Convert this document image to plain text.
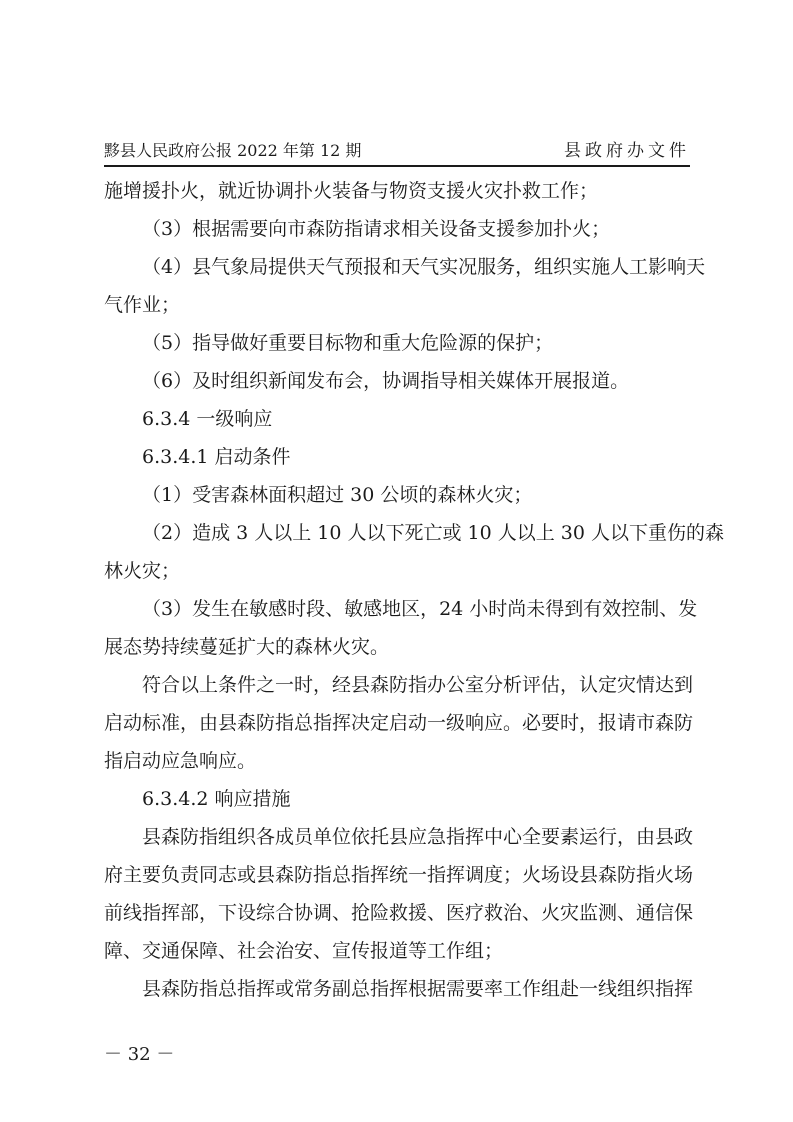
黟县人民政府公报 2022 年第 12 期	县政府办文件

施增援扑火，就近协调扑火装备与物资支援火灾扑救工作；

（3）根据需要向市森防指请求相关设备支援参加扑火；

（4）县气象局提供天气预报和天气实况服务，组织实施人工影响天

气作业；

（5）指导做好重要目标物和重大危险源的保护；

（6）及时组织新闻发布会，协调指导相关媒体开展报道。

6.3.4 一级响应

6.3.4.1 启动条件

（1）受害森林面积超过 30 公顷的森林火灾；

（2）造成 3 人以上 10 人以下死亡或 10 人以上 30 人以下重伤的森

林火灾；

（3）发生在敏感时段、敏感地区，24 小时尚未得到有效控制、发

展态势持续蔓延扩大的森林火灾。

符合以上条件之一时，经县森防指办公室分析评估，认定灾情达到

启动标准，由县森防指总指挥决定启动一级响应。必要时，报请市森防

指启动应急响应。

6.3.4.2 响应措施

县森防指组织各成员单位依托县应急指挥中心全要素运行，由县政

府主要负责同志或县森防指总指挥统一指挥调度；火场设县森防指火场

前线指挥部，下设综合协调、抢险救援、医疗救治、火灾监测、通信保

障、交通保障、社会治安、宣传报道等工作组；

县森防指总指挥或常务副总指挥根据需要率工作组赴一线组织指挥

－ 32 －
